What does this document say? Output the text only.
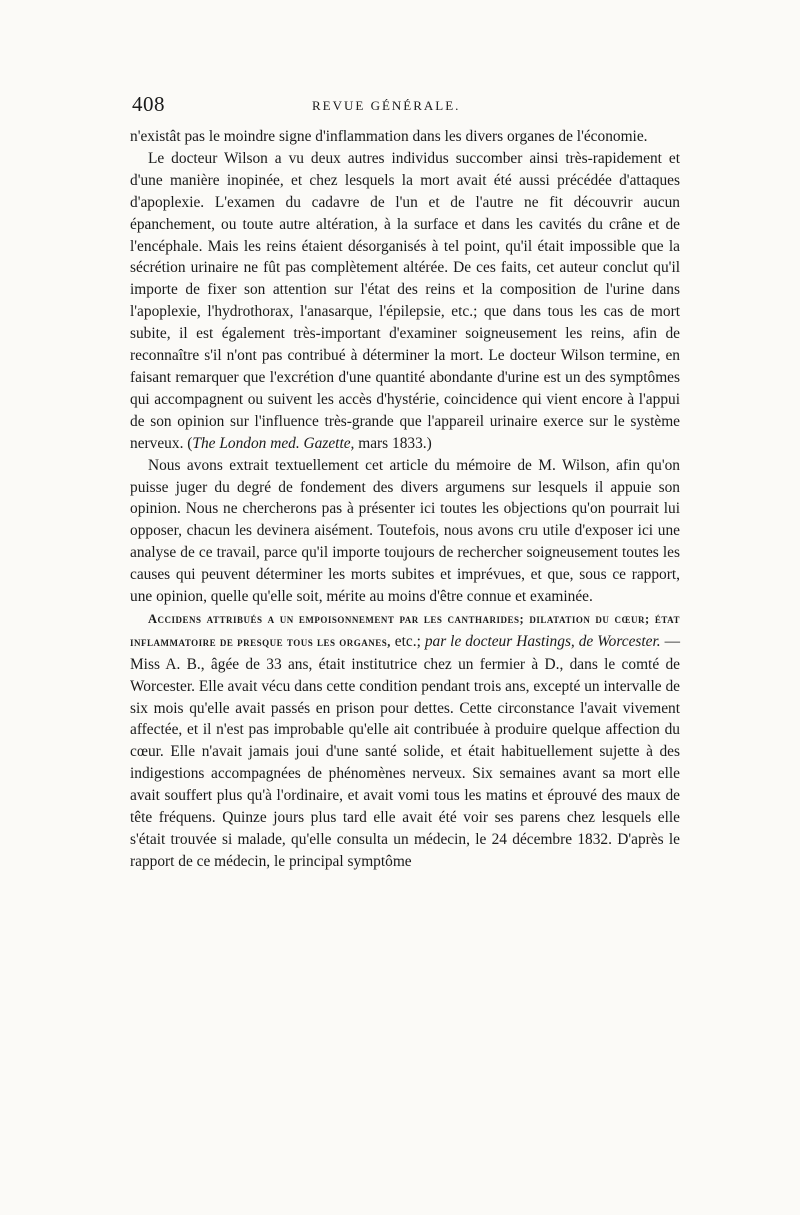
408	REVUE GÉNÉRALE.

n'existât pas le moindre signe d'inflammation dans les divers organes de l'économie.

Le docteur Wilson a vu deux autres individus succomber ainsi très-rapidement et d'une manière inopinée, et chez lesquels la mort avait été aussi précédée d'attaques d'apoplexie. L'examen du cadavre de l'un et de l'autre ne fit découvrir aucun épanchement, ou toute autre altération, à la surface et dans les cavités du crâne et de l'encéphale. Mais les reins étaient désorganisés à tel point, qu'il était impossible que la sécrétion urinaire ne fût pas complètement altérée. De ces faits, cet auteur conclut qu'il importe de fixer son attention sur l'état des reins et la composition de l'urine dans l'apoplexie, l'hydrothorax, l'anasarque, l'épilepsie, etc.; que dans tous les cas de mort subite, il est également très-important d'examiner soigneusement les reins, afin de reconnaître s'il n'ont pas contribué à déterminer la mort. Le docteur Wilson termine, en faisant remarquer que l'excrétion d'une quantité abondante d'urine est un des symptômes qui accompagnent ou suivent les accès d'hystérie, coincidence qui vient encore à l'appui de son opinion sur l'influence très-grande que l'appareil urinaire exerce sur le système nerveux. (The London med. Gazette, mars 1833.)

Nous avons extrait textuellement cet article du mémoire de M. Wilson, afin qu'on puisse juger du degré de fondement des divers argumens sur lesquels il appuie son opinion. Nous ne chercherons pas à présenter ici toutes les objections qu'on pourrait lui opposer, chacun les devinera aisément. Toutefois, nous avons cru utile d'exposer ici une analyse de ce travail, parce qu'il importe toujours de rechercher soigneusement toutes les causes qui peuvent déterminer les morts subites et imprévues, et que, sous ce rapport, une opinion, quelle qu'elle soit, mérite au moins d'être connue et examinée.

Accidens attribués a un empoisonnement par les cantharides; dilatation du cœur; état inflammatoire de presque tous les organes, etc.; par le docteur Hastings, de Worcester. — Miss A. B., âgée de 33 ans, était institutrice chez un fermier à D., dans le comté de Worcester. Elle avait vécu dans cette condition pendant trois ans, excepté un intervalle de six mois qu'elle avait passés en prison pour dettes. Cette circonstance l'avait vivement affectée, et il n'est pas improbable qu'elle ait contribuée à produire quelque affection du cœur. Elle n'avait jamais joui d'une santé solide, et était habituellement sujette à des indigestions accompagnées de phénomènes nerveux. Six semaines avant sa mort elle avait souffert plus qu'à l'ordinaire, et avait vomi tous les matins et éprouvé des maux de tête fréquens. Quinze jours plus tard elle avait été voir ses parens chez lesquels elle s'était trouvée si malade, qu'elle consulta un médecin, le 24 décembre 1832. D'après le rapport de ce médecin, le principal symptôme
